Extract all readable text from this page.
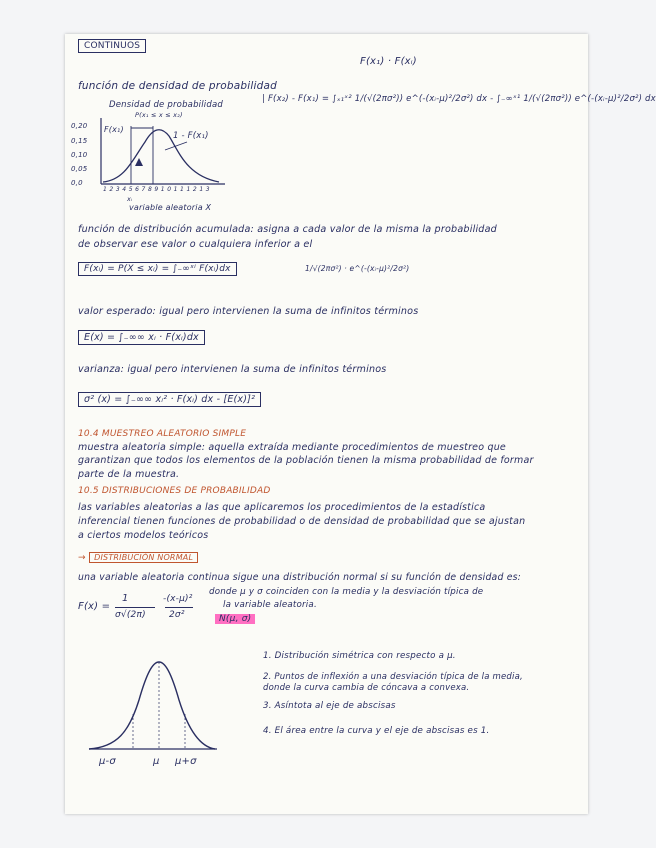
CONTINUOS
F(x₁) · F(xᵢ)
función de densidad de probabilidad
| F(x₂) - F(x₁) = ∫ₓ₁ˣ² 1/(√(2πσ²)) e^(-(xᵢ-μ)²/2σ²) dx - ∫₋∞ˣ¹ 1/(√(2πσ²)) e^(-(xᵢ-μ)²/2σ²) dx
Densidad de probabilidad
P(x₁ ≤ x ≤ x₂)
F(x₁)
1 - F(x₁)
0,20
0,15
0,10
0,05
0,0
12345678910111213
xᵢ
variable aleatoria X
función de distribución acumulada: asigna a cada valor de la misma la probabilidad
de observar ese valor o cualquiera inferior a el
F(xᵢ) = P(X ≤ xᵢ) = ∫₋∞ˣⁱ F(xᵢ)dx	1/√(2πσ²) · e^(-(xᵢ-μ)²/2σ²)
valor esperado: igual pero intervienen la suma de infinitos términos
E(x) = ∫₋∞∞ xᵢ · F(xᵢ)dx
varianza: igual pero intervienen la suma de infinitos términos
σ² (x) = ∫₋∞∞ xᵢ² · F(xᵢ) dx - [E(x)]²
10.4 MUESTREO ALEATORIO SIMPLE
muestra aleatoria simple: aquella extraída mediante procedimientos de muestreo que
garantizan que todos los elementos de la población tienen la misma probabilidad de formar
parte de la muestra.
10.5 DISTRIBUCIONES DE PROBABILIDAD
las variables aleatorias a las que aplicaremos los procedimientos de la estadística
inferencial tienen funciones de probabilidad o de densidad de probabilidad que se ajustan
a ciertos modelos teóricos
→ DISTRIBUCIÓN NORMAL
una variable aleatoria continua sigue una distribución normal si su función de densidad es:
F(x) =
1
σ√(2π)
-(x-μ)²
2σ²
donde μ y σ coinciden con la media y la desviación típica de
la variable aleatoria.
N(μ, σ)
1. Distribución simétrica con respecto a μ.
2. Puntos de inflexión a una desviación típica de la media,
donde la curva cambia de cóncava a convexa.
3. Asíntota al eje de abscisas
4. El área entre la curva y el eje de abscisas es 1.
μ-σ	μ μ+σ
